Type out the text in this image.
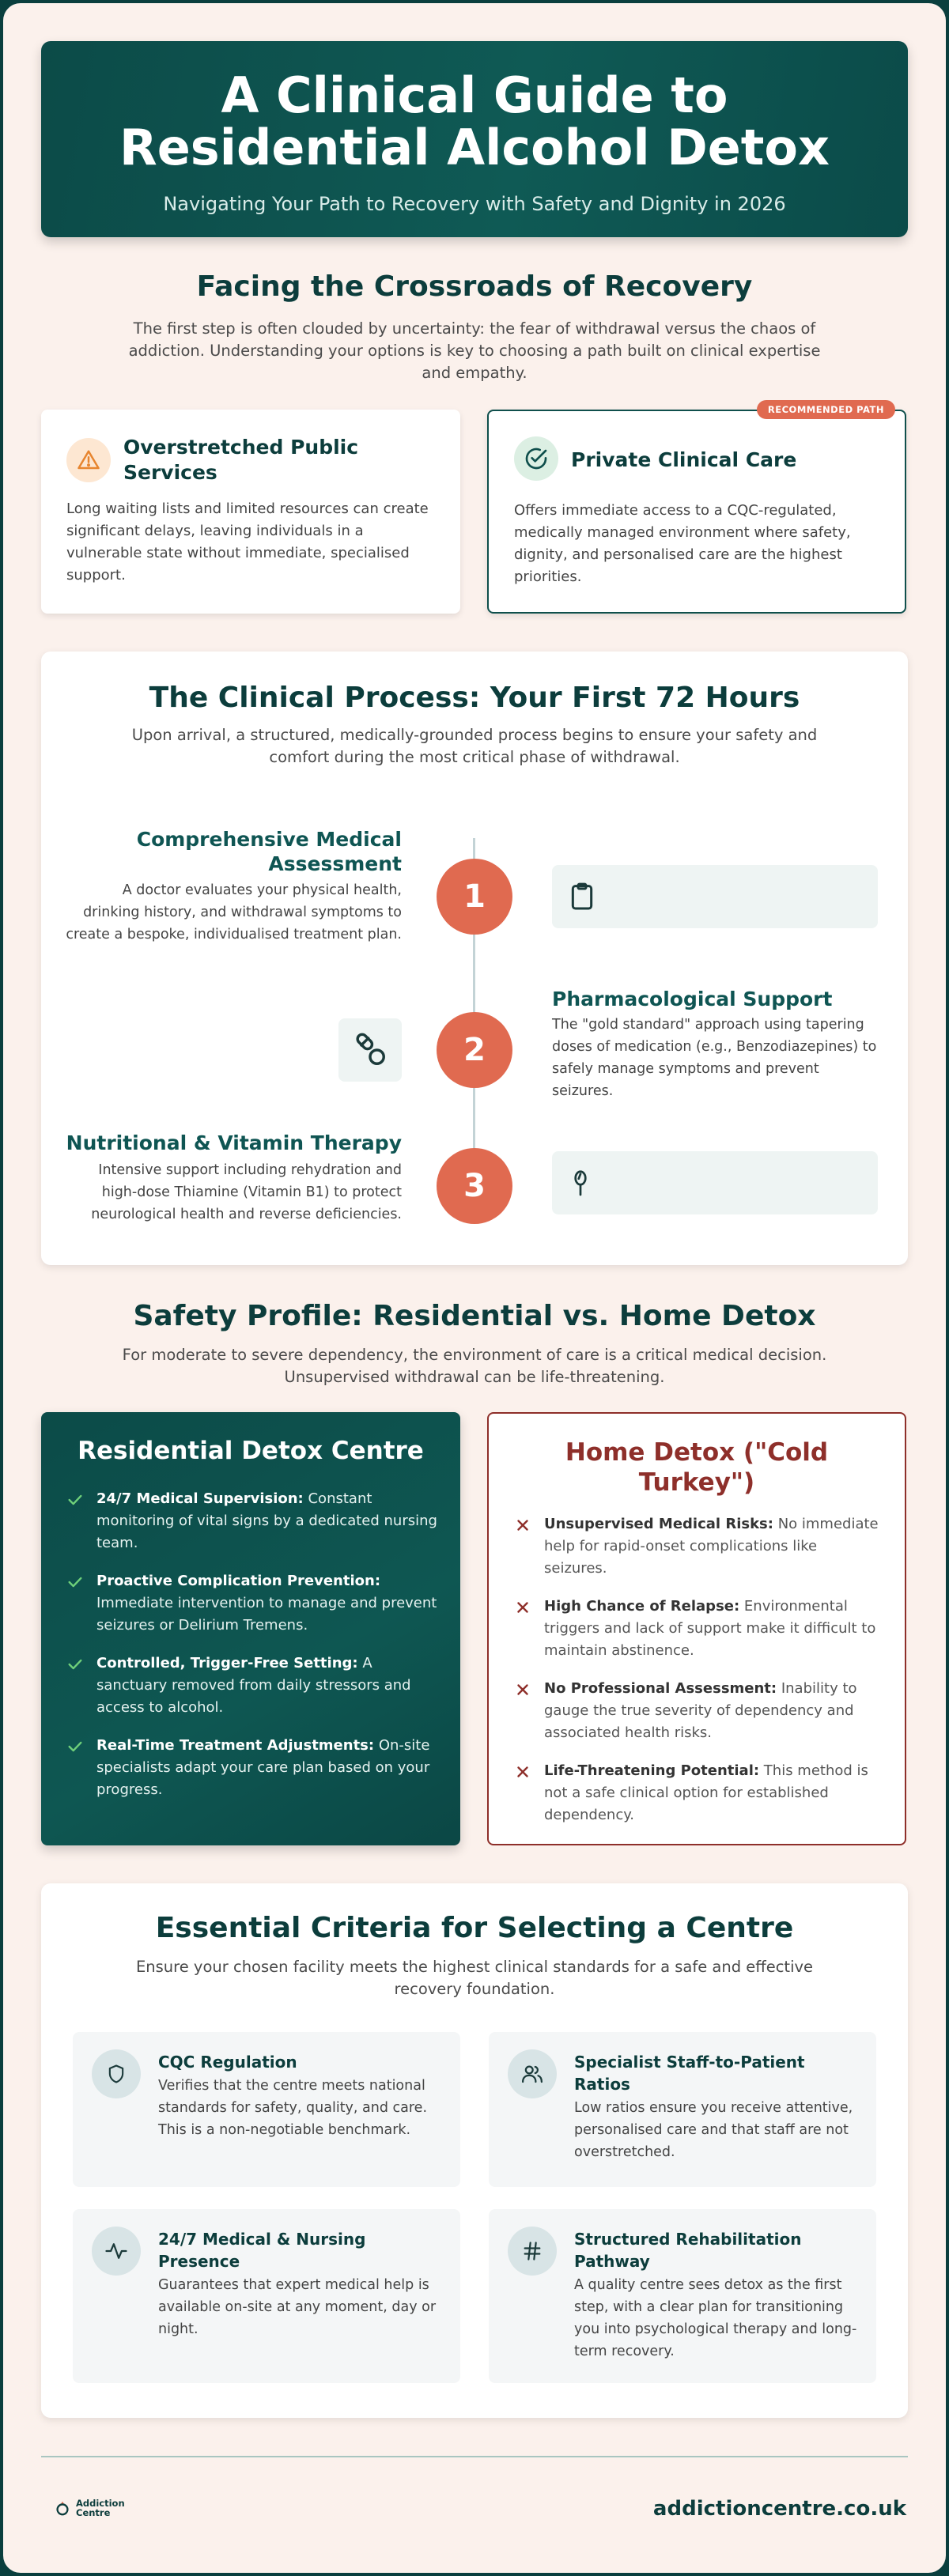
A Clinical Guide to Residential Alcohol Detox

Navigating Your Path to Recovery with Safety and Dignity in 2026

Facing the Crossroads of Recovery
The first step is often clouded by uncertainty: the fear of withdrawal versus the chaos of addiction. Understanding your options is key to choosing a path built on clinical expertise and empathy.
Overstretched Public Services
Long waiting lists and limited resources can create significant delays, leaving individuals in a vulnerable state without immediate, specialised support.
RECOMMENDED PATH
Private Clinical Care
Offers immediate access to a CQC-regulated, medically managed environment where safety, dignity, and personalised care are the highest priorities.
The Clinical Process: Your First 72 Hours
Upon arrival, a structured, medically-grounded process begins to ensure your safety and comfort during the most critical phase of withdrawal.
Comprehensive Medical Assessment
A doctor evaluates your physical health, drinking history, and withdrawal symptoms to create a bespoke, individualised treatment plan.
1
2
Pharmacological Support
The "gold standard" approach using tapering doses of medication (e.g., Benzodiazepines) to safely manage symptoms and prevent seizures.
Nutritional & Vitamin Therapy
Intensive support including rehydration and high-dose Thiamine (Vitamin B1) to protect neurological health and reverse deficiencies.
3
Safety Profile: Residential vs. Home Detox
For moderate to severe dependency, the environment of care is a critical medical decision. Unsupervised withdrawal can be life-threatening.
Residential Detox Centre
24/7 Medical Supervision: Constant monitoring of vital signs by a dedicated nursing team.
Proactive Complication Prevention: Immediate intervention to manage and prevent seizures or Delirium Tremens.
Controlled, Trigger-Free Setting: A sanctuary removed from daily stressors and access to alcohol.
Real-Time Treatment Adjustments: On-site specialists adapt your care plan based on your progress.
Home Detox ("Cold Turkey")
Unsupervised Medical Risks: No immediate help for rapid-onset complications like seizures.
High Chance of Relapse: Environmental triggers and lack of support make it difficult to maintain abstinence.
No Professional Assessment: Inability to gauge the true severity of dependency and associated health risks.
Life-Threatening Potential: This method is not a safe clinical option for established dependency.
Essential Criteria for Selecting a Centre
Ensure your chosen facility meets the highest clinical standards for a safe and effective recovery foundation.
CQC Regulation
Verifies that the centre meets national standards for safety, quality, and care. This is a non-negotiable benchmark.
Specialist Staff-to-Patient Ratios
Low ratios ensure you receive attentive, personalised care and that staff are not overstretched.
24/7 Medical & Nursing Presence
Guarantees that expert medical help is available on-site at any moment, day or night.
Structured Rehabilitation Pathway
A quality centre sees detox as the first step, with a clear plan for transitioning you into psychological therapy and long-term recovery.
Addiction
Centre	addictioncentre.co.uk
